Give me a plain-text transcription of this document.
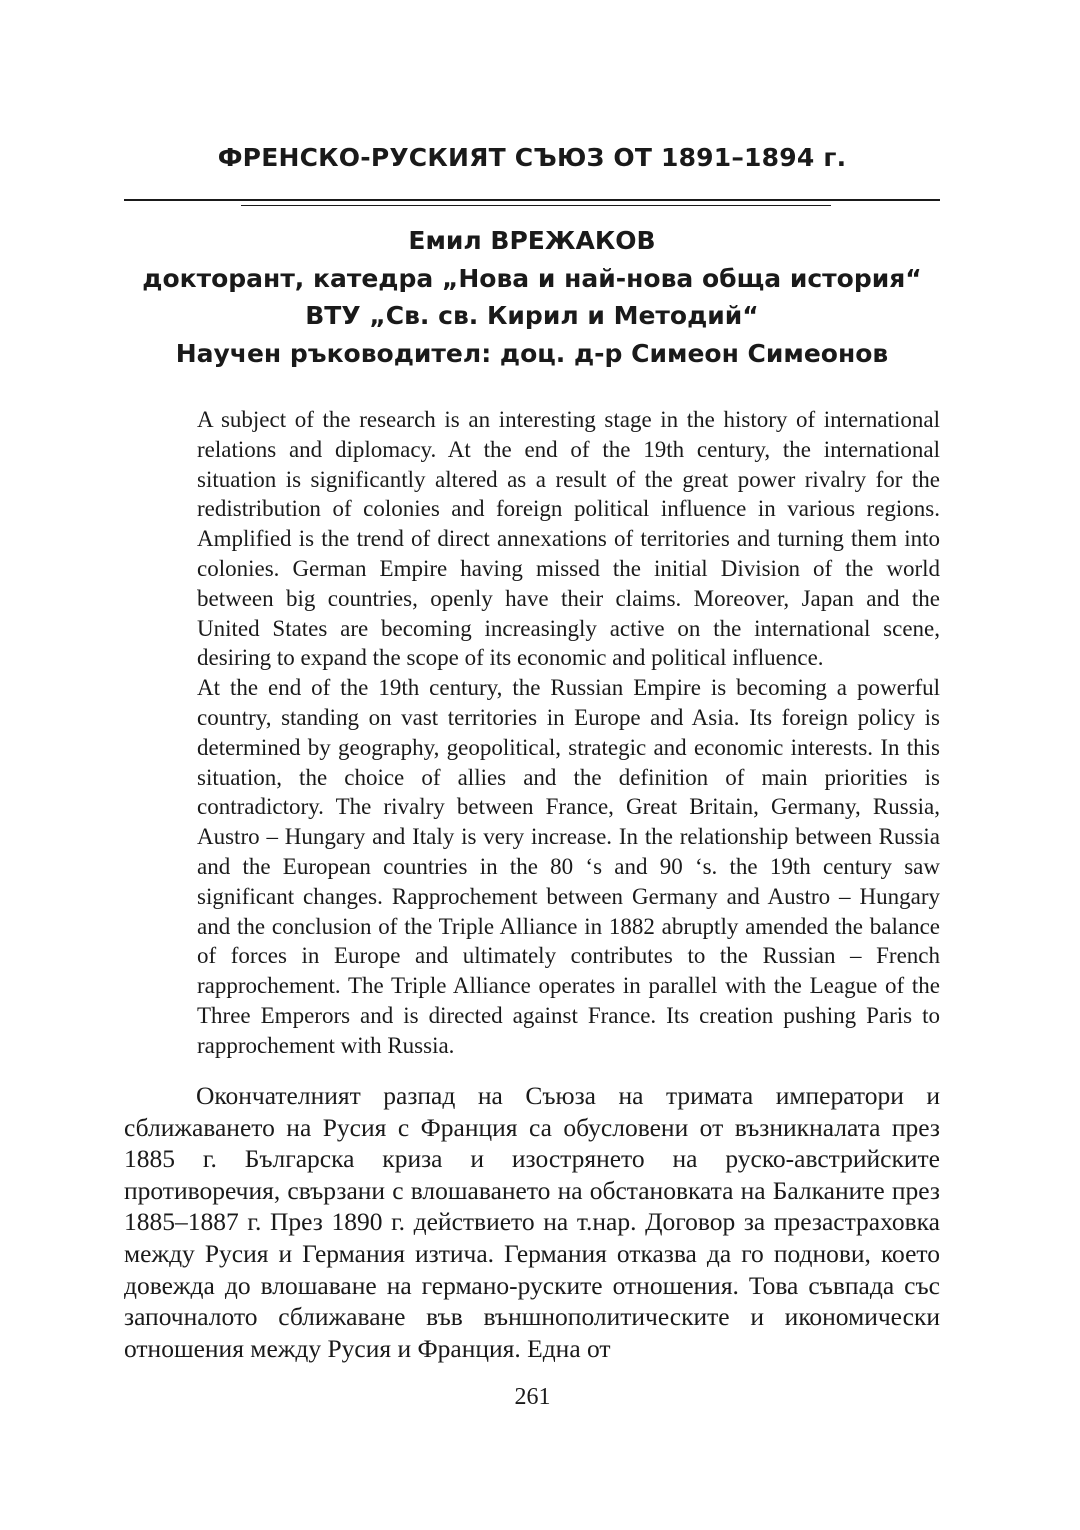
ФРЕНСКО-РУСКИЯТ СЪЮЗ ОТ 1891–1894 г.
Емил ВРЕЖАКОВ
докторант, катедра „Нова и най-нова обща история“
ВТУ „Св. св. Кирил и Методий“
Научен ръководител: доц. д-р Симеон Симеонов

A subject of the research is an interesting stage in the history of international relations and diplomacy. At the end of the 19th century, the international situation is significantly altered as a result of the great power rivalry for the redistribution of colonies and foreign political influence in various regions. Amplified is the trend of direct annexations of territories and turning them into colonies. German Empire having missed the initial Division of the world between big countries, openly have their claims. Moreover, Japan and the United States are becoming increasingly active on the international scene, desiring to expand the scope of its economic and political influence.

At the end of the 19th century, the Russian Empire is becoming a powerful country, standing on vast territories in Europe and Asia. Its foreign policy is determined by geography, geopolitical, strategic and economic interests. In this situation, the choice of allies and the definition of main priorities is contradictory. The rivalry between France, Great Britain, Germany, Russia, Austro – Hungary and Italy is very increase. In the relationship between Russia and the European countries in the 80 ‘s and 90 ‘s. the 19th century saw significant changes. Rapprochement between Germany and Austro – Hungary and the conclusion of the Triple Alliance in 1882 abruptly amended the balance of forces in Europe and ultimately contributes to the Russian – French rapprochement. The Triple Alliance operates in parallel with the League of the Three Emperors and is directed against France. Its creation pushing Paris to rapprochement with Russia.

Окончателният разпад на Съюза на тримата императори и сближаването на Русия с Франция са обусловени от възникналата през 1885 г. Българска криза и изострянето на руско-австрийските противоречия, свързани с влошаването на обстановката на Балканите през 1885–1887 г. През 1890 г. действието на т.нар. Договор за презастраховка между Русия и Германия изтича. Германия отказва да го поднови, което довежда до влошаване на германо-руските отношения. Това съвпада със започналото сближаване във външнополитическите и икономически отношения между Русия и Франция. Една от

261
